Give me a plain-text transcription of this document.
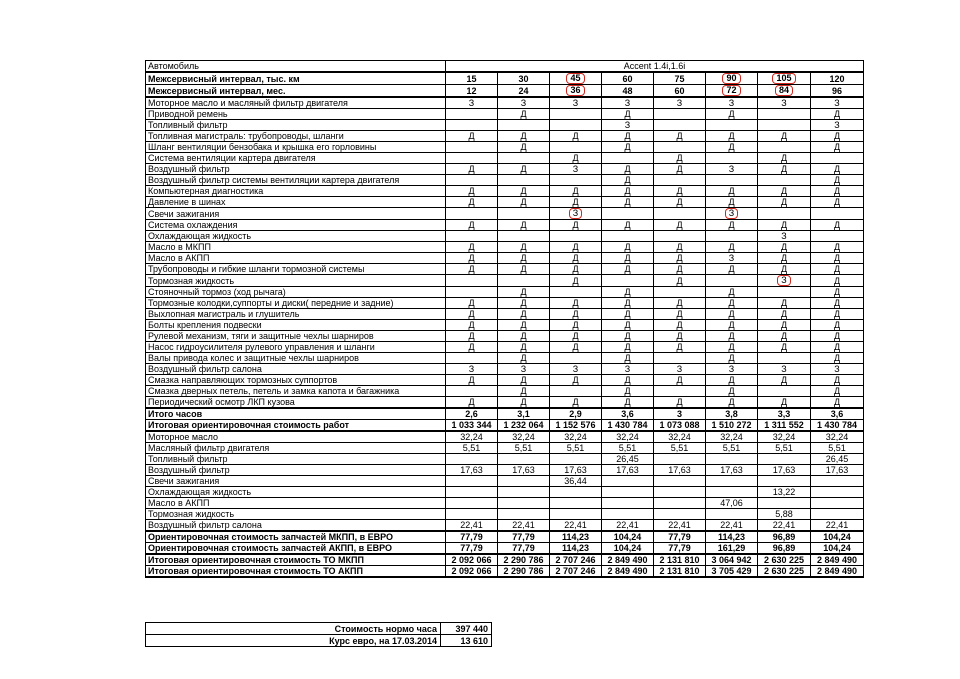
Автомобиль	Accent 1.4i,1.6i							
Межсервисный интервал, тыс. км	15	30	45	60	75	90	105	120
Межсервисный интервал, мес.	12	24	36	48	60	72	84	96
Моторное масло и масляный фильтр двигателя	З	З	З	З	З	З	З	З
Приводной ремень		Д		Д		Д		Д
Топливный фильтр				З				З
Топливная магистраль: трубопроводы, шланги	Д	Д	Д	Д	Д	Д	Д	Д
Шланг вентиляции бензобака и крышка его горловины		Д		Д		Д		Д
Система вентиляции картера двигателя			Д		Д		Д	
Воздушный фильтр	Д	Д	З	Д	Д	З	Д	Д
Воздушный фильтр системы вентиляции картера двигателя				Д				Д
Компьютерная диагностика	Д	Д	Д	Д	Д	Д	Д	Д
Давление в шинах	Д	Д	Д	Д	Д	Д	Д	Д
Свечи зажигания			З			З		
Система охлаждения	Д	Д	Д	Д	Д	Д	Д	Д
Охлаждающая жидкость							З	
Масло в МКПП	Д	Д	Д	Д	Д	Д	Д	Д
Масло в АКПП	Д	Д	Д	Д	Д	З	Д	Д
Трубопроводы и гибкие шланги тормозной системы	Д	Д	Д	Д	Д	Д	Д	Д
Тормозная жидкость			Д		Д		З	Д
Стояночный тормоз (ход рычага)		Д		Д		Д		Д
Тормозные колодки,суппорты и диски( передние и задние)	Д	Д	Д	Д	Д	Д	Д	Д
Выхлопная магистраль и глушитель	Д	Д	Д	Д	Д	Д	Д	Д
Болты крепления подвески	Д	Д	Д	Д	Д	Д	Д	Д
Рулевой механизм, тяги и защитные чехлы шарниров	Д	Д	Д	Д	Д	Д	Д	Д
Насос гидроусилителя рулевого управления и шланги	Д	Д	Д	Д	Д	Д	Д	Д
Валы привода колес и защитные чехлы шарниров		Д		Д		Д		Д
Воздушный фильтр салона	З	З	З	З	З	З	З	З
Смазка направляющих тормозных суппортов	Д	Д	Д	Д	Д	Д	Д	Д
Смазка дверных петель, петель и замка капота и багажника		Д		Д		Д		Д
Периодический осмотр ЛКП кузова	Д	Д	Д	Д	Д	Д	Д	Д
Итого часов	2,6	3,1	2,9	3,6	3	3,8	3,3	3,6
Итоговая ориентировочная стоимость работ	1 033 344	1 232 064	1 152 576	1 430 784	1 073 088	1 510 272	1 311 552	1 430 784
Моторное масло	32,24	32,24	32,24	32,24	32,24	32,24	32,24	32,24
Масляный фильтр двигателя	5,51	5,51	5,51	5,51	5,51	5,51	5,51	5,51
Топливный фильтр				26,45				26,45
Воздушный фильтр	17,63	17,63	17,63	17,63	17,63	17,63	17,63	17,63
Свечи зажигания			36,44					
Охлаждающая жидкость							13,22	
Масло в АКПП						47,06		
Тормозная жидкость							5,88	
Воздушный фильтр салона	22,41	22,41	22,41	22,41	22,41	22,41	22,41	22,41
Ориентировочная стоимость запчастей МКПП, в ЕВРО	77,79	77,79	114,23	104,24	77,79	114,23	96,89	104,24
Ориентировочная стоимость запчастей АКПП, в ЕВРО	77,79	77,79	114,23	104,24	77,79	161,29	96,89	104,24
Итоговая ориентировочная стоимость ТО МКПП	2 092 066	2 290 786	2 707 246	2 849 490	2 131 810	3 064 942	2 630 225	2 849 490
Итоговая ориентировочная стоимость ТО АКПП	2 092 066	2 290 786	2 707 246	2 849 490	2 131 810	3 705 429	2 630 225	2 849 490
Стоимость нормо часа	397 440
Курс евро, на 17.03.2014	13 610
